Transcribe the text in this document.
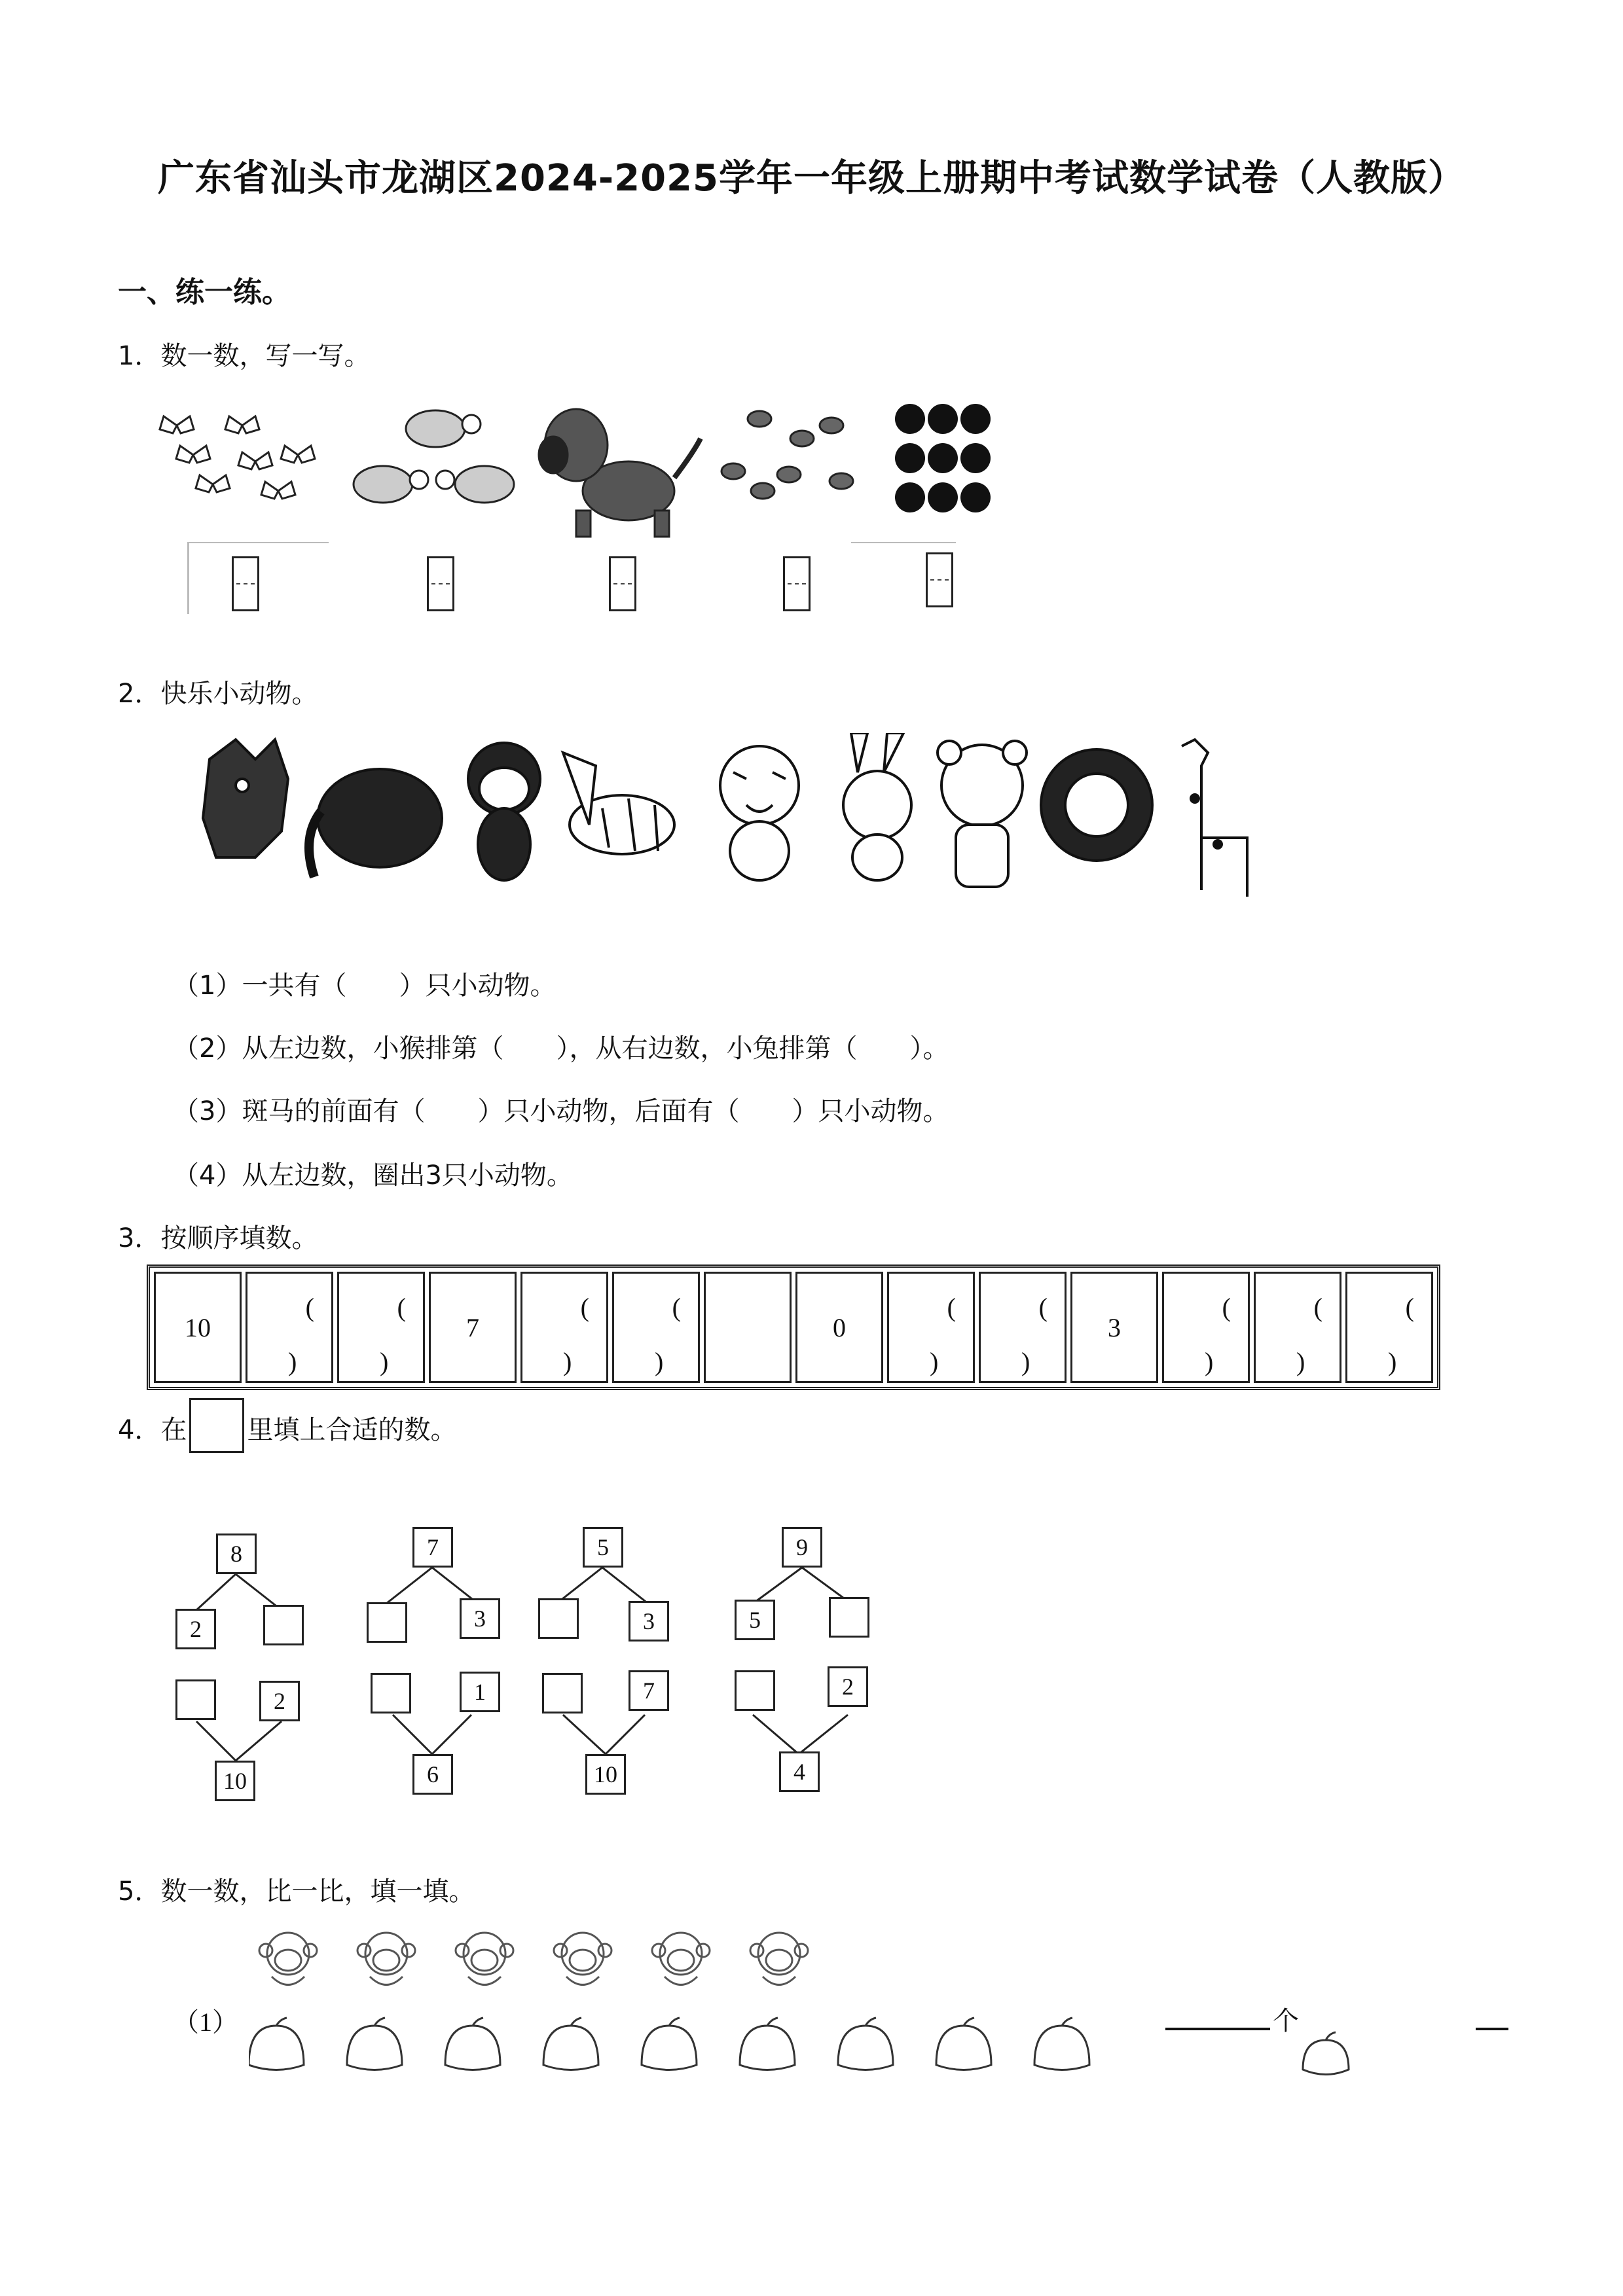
广东省汕头市龙湖区2024-2025学年一年级上册期中考试数学试卷（人教版）
一、练一练。
1．数一数，写一写。
2．快乐小动物。
（1）一共有（　　）只小动物。
（2）从左边数，小猴排第（　　），从右边数，小兔排第（　　）。
（3）斑马的前面有（　　）只小动物，后面有（　　）只小动物。
（4）从左边数，圈出3只小动物。
3．按顺序填数。
10	
(
)

(
)
	7	
(
)

(
)
		0	
(
)

(
)
	3	
(
)

(
)

(
)
4．在 里填上合适的数。
8
2
7
3
5
3
9
5
2
10
1
6
7
10
2
4
5．数一数，比一比，填一填。
（1）	个
